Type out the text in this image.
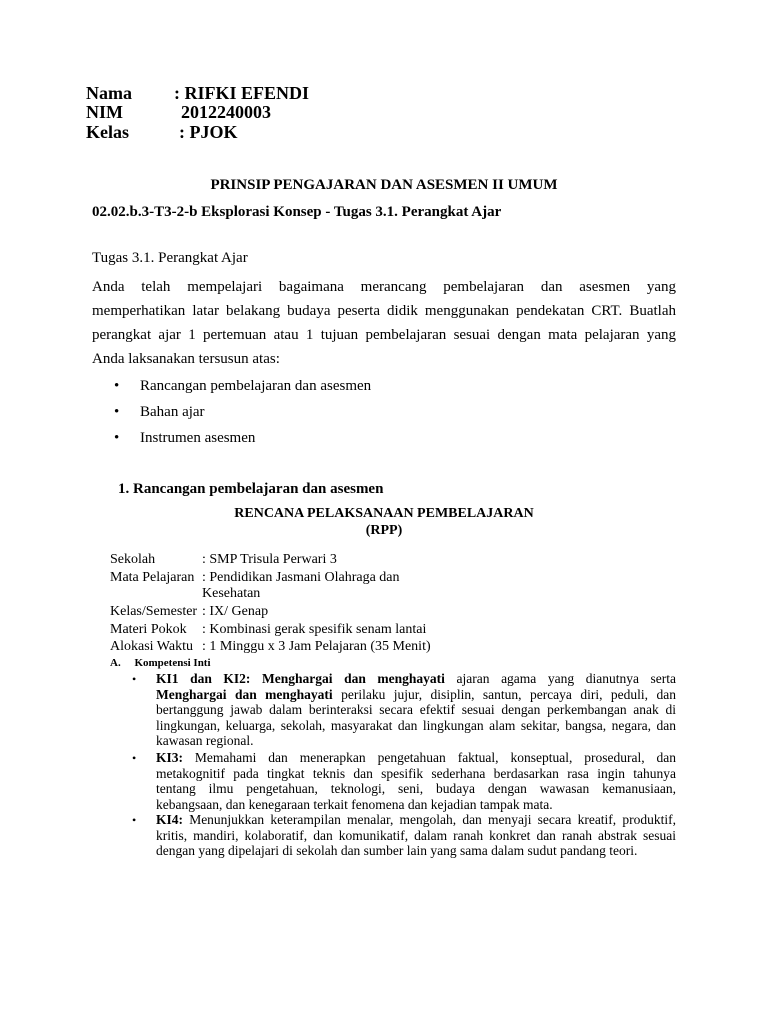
Nama : RIFKI EFENDI
NIM	2012240003
Kelas	: PJOK
PRINSIP PENGAJARAN DAN ASESMEN II UMUM
02.02.b.3-T3-2-b Eksplorasi Konsep - Tugas 3.1. Perangkat Ajar
Tugas 3.1. Perangkat Ajar
Anda telah mempelajari bagaimana merancang pembelajaran dan asesmen yang
memperhatikan latar belakang budaya peserta didik menggunakan pendekatan CRT. Buatlah
perangkat ajar 1 pertemuan atau 1 tujuan pembelajaran sesuai dengan mata pelajaran yang
Anda laksanakan tersusun atas:
• Rancangan pembelajaran dan asesmen
• Bahan ajar
• Instrumen asesmen
1. Rancangan pembelajaran dan asesmen
RENCANA PELAKSANAAN PEMBELAJARAN
(RPP)
Sekolah	: SMP Trisula Perwari 3
Mata Pelajaran : Pendidikan Jasmani Olahraga dan
Kesehatan
Kelas/Semester : IX/ Genap
Materi Pokok : Kombinasi gerak spesifik senam lantai
Alokasi Waktu : 1 Minggu x 3 Jam Pelajaran (35 Menit)
A.     Kompetensi Inti
• KI1 dan KI2: Menghargai dan menghayati ajaran agama yang dianutnya serta
Menghargai dan menghayati perilaku jujur, disiplin, santun, percaya diri, peduli, dan
bertanggung jawab dalam berinteraksi secara efektif sesuai dengan perkembangan anak di
lingkungan, keluarga, sekolah, masyarakat dan lingkungan alam sekitar, bangsa, negara, dan
kawasan regional.
• KI3: Memahami dan menerapkan pengetahuan faktual, konseptual, prosedural, dan
metakognitif pada tingkat teknis dan spesifik sederhana berdasarkan rasa ingin tahunya
tentang ilmu pengetahuan, teknologi, seni, budaya dengan wawasan kemanusiaan,
kebangsaan, dan kenegaraan terkait fenomena dan kejadian tampak mata.
• KI4: Menunjukkan keterampilan menalar, mengolah, dan menyaji secara kreatif, produktif,
kritis, mandiri, kolaboratif, dan komunikatif, dalam ranah konkret dan ranah abstrak sesuai
dengan yang dipelajari di sekolah dan sumber lain yang sama dalam sudut pandang teori.
